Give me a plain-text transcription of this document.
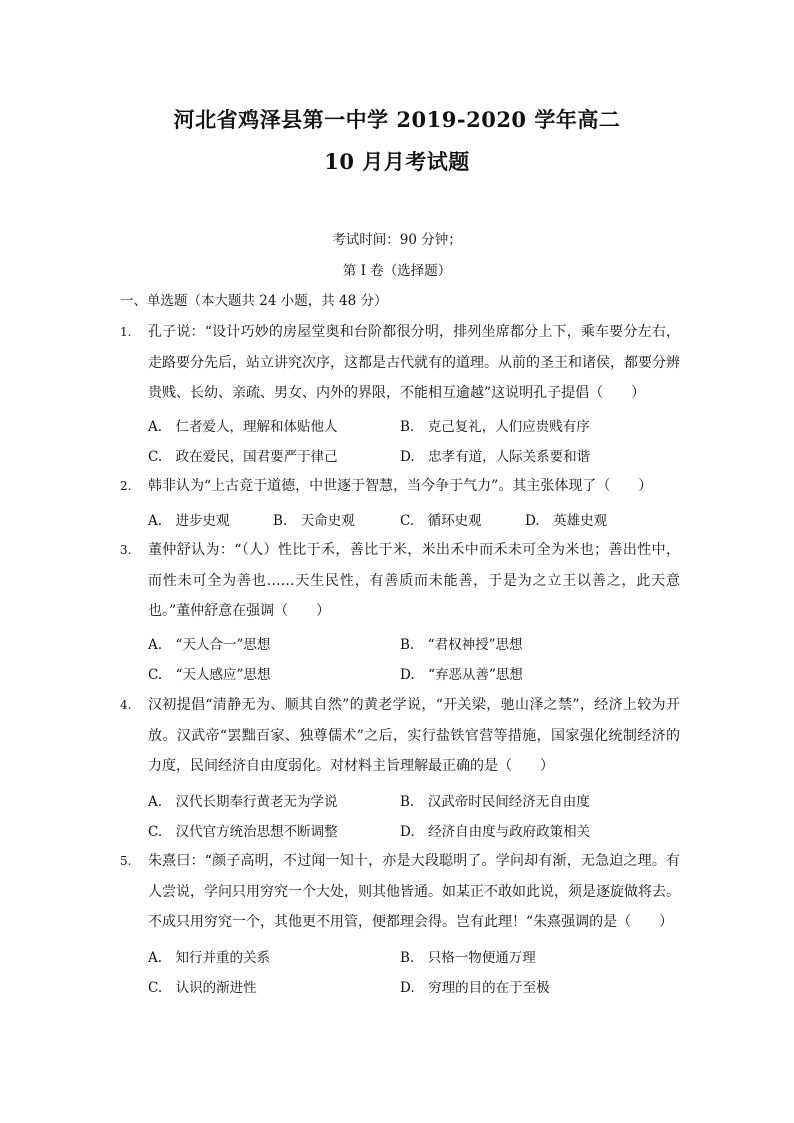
河北省鸡泽县第一中学 2019-2020 学年高二
10 月月考试题
考试时间：90 分钟；
第 I 卷（选择题）
一、单选题（本大题共 24 小题，共 48 分）
1.	孔子说：“设计巧妙的房屋堂奥和台阶都很分明，排列坐席都分上下，乘车要分左右，走路要分先后，站立讲究次序，这都是古代就有的道理。从前的圣王和诸侯，都要分辨贵贱、长幼、亲疏、男女、内外的界限，不能相互逾越”这说明孔子提倡（　　）
A.　仁者爱人，理解和体贴他人	B.　克己复礼，人们应贵贱有序
C.　政在爱民，国君要严于律己	D.　忠孝有道，人际关系要和谐
2.	韩非认为“上古竞于道德，中世逐于智慧，当今争于气力”。其主张体现了（　　）
A.　进步史观	B.　天命史观	C.　循环史观	D.　英雄史观
3.	董仲舒认为：“（人）性比于禾，善比于米，米出禾中而禾未可全为米也；善出性中，而性未可全为善也……天生民性，有善质而未能善，于是为之立王以善之，此天意也。”董仲舒意在强调（　　）
A.　“天人合一”思想	B.　“君权神授”思想
C.　“天人感应”思想	D.　“弃恶从善”思想
4.	汉初提倡“清静无为、顺其自然”的黄老学说，“开关梁，驰山泽之禁”，经济上较为开放。汉武帝“罢黜百家、独尊儒术”之后，实行盐铁官营等措施，国家强化统制经济的力度，民间经济自由度弱化。对材料主旨理解最正确的是（　　）
A.　汉代长期奉行黄老无为学说	B.　汉武帝时民间经济无自由度
C.　汉代官方统治思想不断调整	D.　经济自由度与政府政策相关
5.	朱熹曰：“颜子高明，不过闻一知十，亦是大段聪明了。学问却有渐，无急迫之理。有人尝说，学问只用穷究一个大处，则其他皆通。如某正不敢如此说，须是逐旋做将去。不成只用穷究一个，其他更不用管，便都理会得。岂有此理！”朱熹强调的是（　　）
A.　知行并重的关系	B.　只格一物便通万理
C.　认识的渐进性	D.　穷理的目的在于至极
